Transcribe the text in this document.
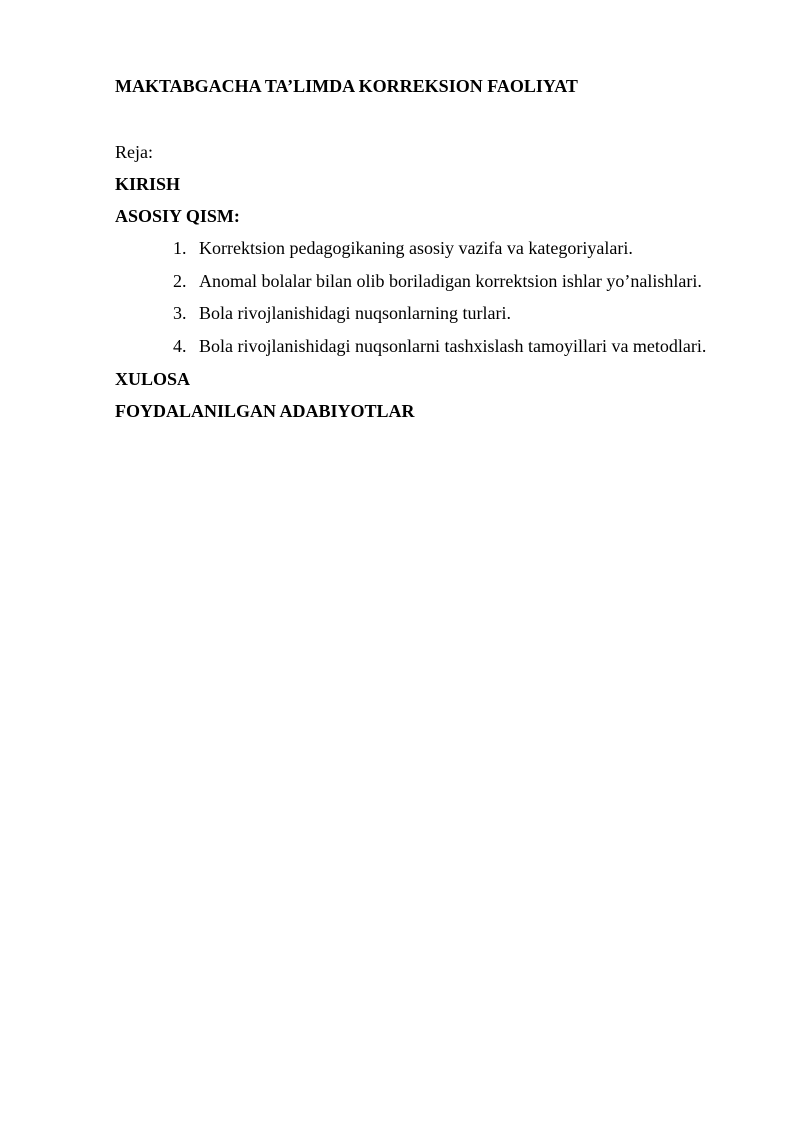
MAKTABGACHA TA’LIMDA KORREKSION FAOLIYAT
Reja:
KIRISH
ASOSIY QISM:
1. Korrektsion pedagogikaning asosiy vazifa va kategoriyalari.
2. Anomal bolalar bilan olib boriladigan korrektsion ishlar yo’nalishlari.
3. Bola rivojlanishidagi nuqsonlarning turlari.
4. Bola rivojlanishidagi nuqsonlarni tashxislash tamoyillari va metodlari.
XULOSA
FOYDALANILGAN ADABIYOTLAR
